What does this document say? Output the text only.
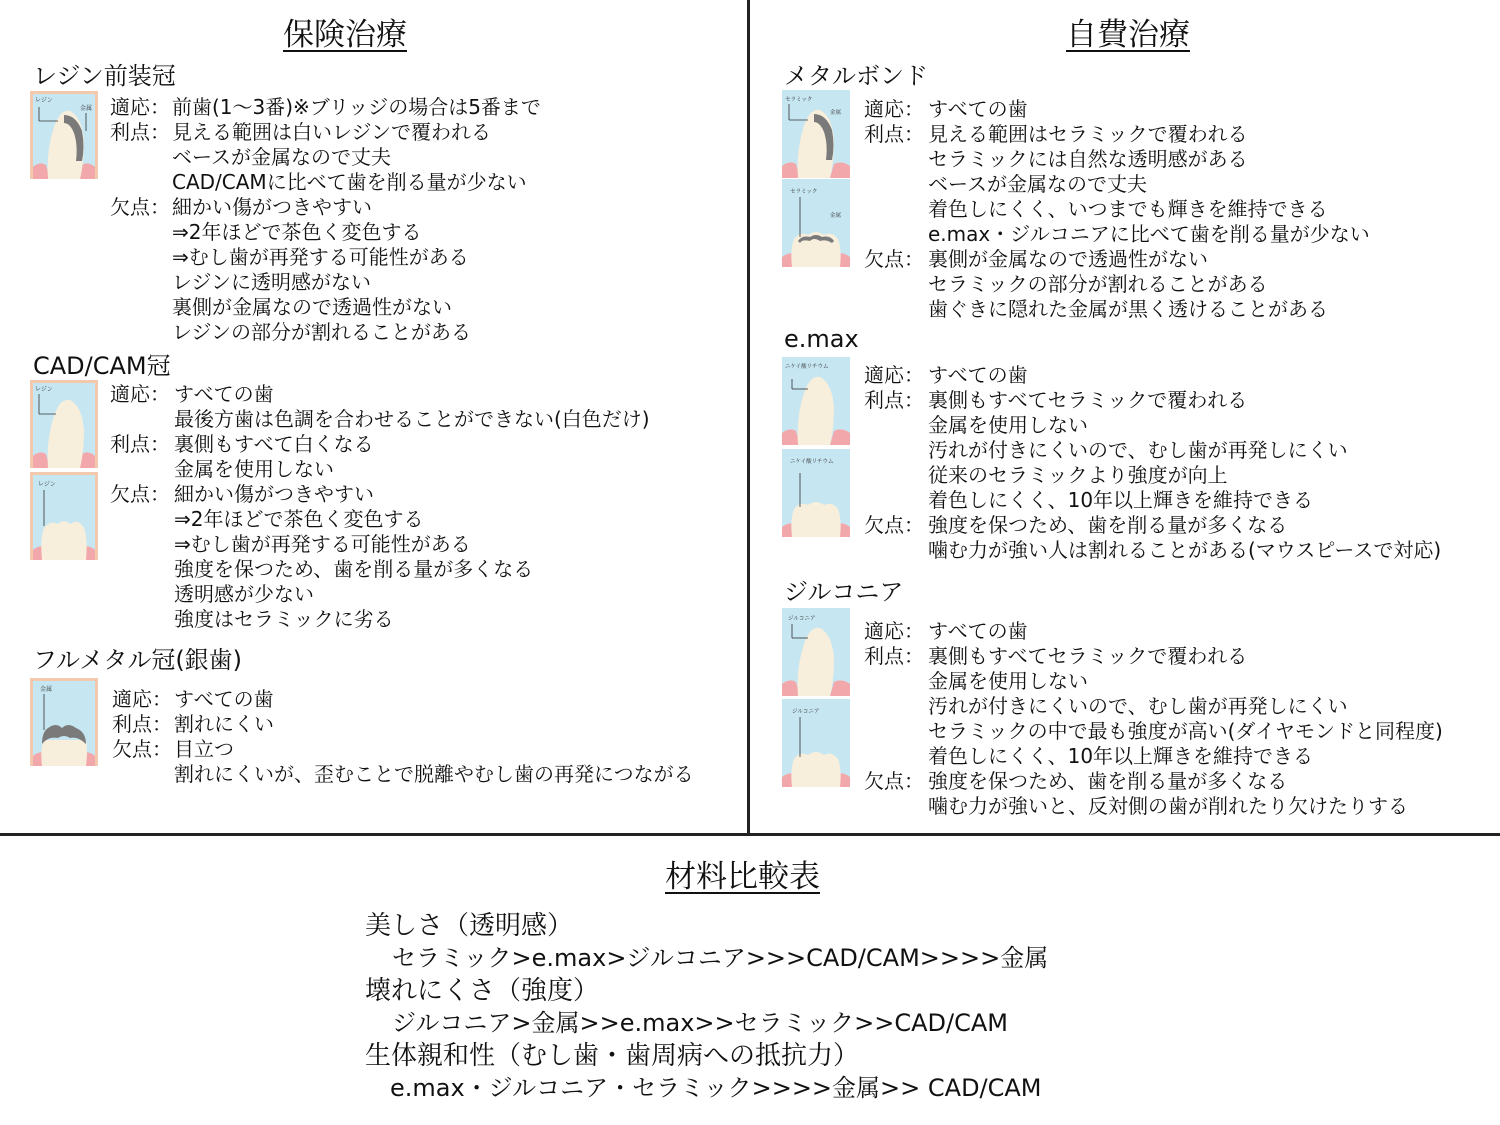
保険治療
レジン前装冠
レジン
金属 適応： 前歯(1〜3番)※ブリッジの場合は5番まで
利点： 見える範囲は白いレジンで覆われる
ベースが金属なので丈夫
CAD/CAMに比べて歯を削る量が少ない
欠点： 細かい傷がつきやすい
⇒2年ほどで茶色く変色する
⇒むし歯が再発する可能性がある
レジンに透明感がない
裏側が金属なので透過性がない
レジンの部分が割れることがある
CAD/CAM冠
レジン
レジン
適応： すべての歯
最後方歯は色調を合わせることができない(白色だけ)
利点： 裏側もすべて白くなる
金属を使用しない
欠点： 細かい傷がつきやすい
⇒2年ほどで茶色く変色する
⇒むし歯が再発する可能性がある
強度を保つため、歯を削る量が多くなる
透明感が少ない
強度はセラミックに劣る
フルメタル冠(銀歯)
金属	適応： すべての歯
利点： 割れにくい
欠点： 目立つ
割れにくいが、歪むことで脱離やむし歯の再発につながる
自費治療
メタルボンド
セラミック
金属
セラミック
金属
適応： すべての歯
利点： 見える範囲はセラミックで覆われる
セラミックには自然な透明感がある
ベースが金属なので丈夫
着色しにくく、いつまでも輝きを維持できる
e.max・ジルコニアに比べて歯を削る量が少ない
欠点： 裏側が金属なので透過性がない
セラミックの部分が割れることがある
歯ぐきに隠れた金属が黒く透けることがある
e.max
ニケイ酸リチウム
ニケイ酸リチウム
適応： すべての歯
利点： 裏側もすべてセラミックで覆われる
金属を使用しない
汚れが付きにくいので、むし歯が再発しにくい
従来のセラミックより強度が向上
着色しにくく、10年以上輝きを維持できる
欠点： 強度を保つため、歯を削る量が多くなる
噛む力が強い人は割れることがある(マウスピースで対応)
ジルコニア
ジルコニア
ジルコニア
適応： すべての歯
利点： 裏側もすべてセラミックで覆われる
金属を使用しない
汚れが付きにくいので、むし歯が再発しにくい
セラミックの中で最も強度が高い(ダイヤモンドと同程度)
着色しにくく、10年以上輝きを維持できる
欠点： 強度を保つため、歯を削る量が多くなる
噛む力が強いと、反対側の歯が削れたり欠けたりする
材料比較表
美しさ（透明感）
セラミック>e.max>ジルコニア>>>CAD/CAM>>>>金属
壊れにくさ（強度）
ジルコニア>金属>>e.max>>セラミック>>CAD/CAM
生体親和性（むし歯・歯周病への抵抗力）
e.max・ジルコニア・セラミック>>>>金属>> CAD/CAM
